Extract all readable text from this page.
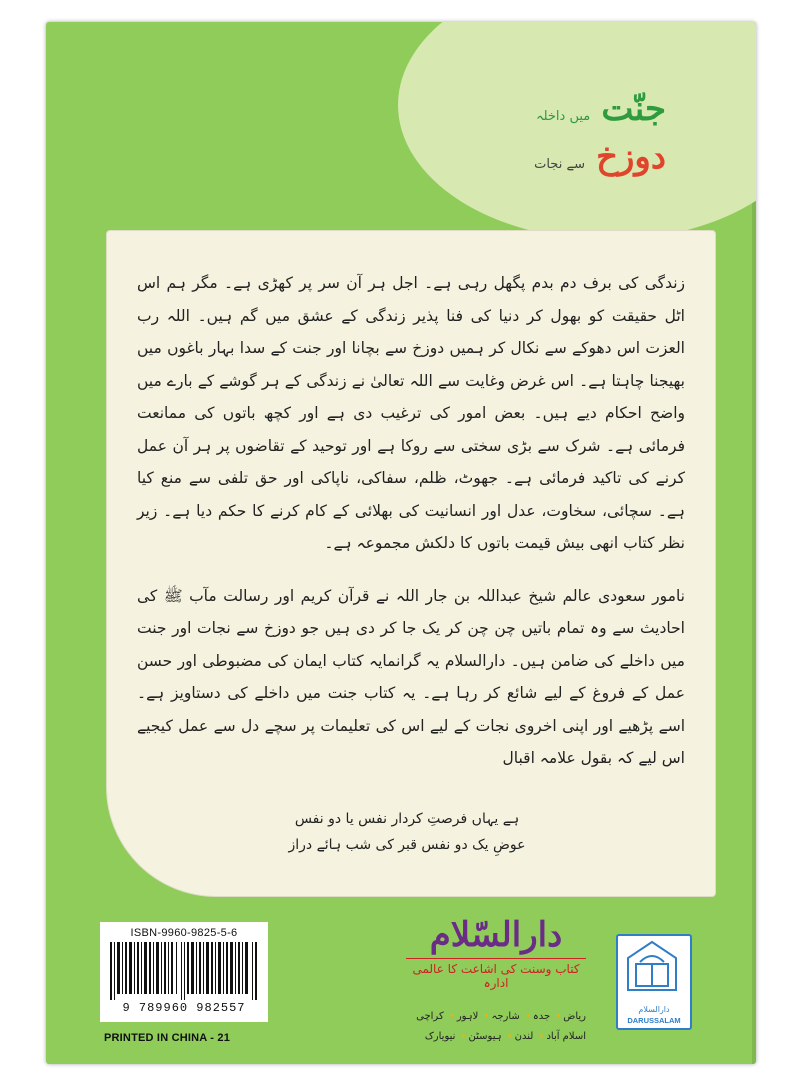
جنّت میں داخلہ

دوزخ سے نجات

زندگی کی برف دم بدم پگھل رہی ہے۔ اجل ہر آن سر پر کھڑی ہے۔ مگر ہم اس اٹل حقیقت کو بھول کر دنیا کی فنا پذیر زندگی کے عشق میں گم ہیں۔ اللہ رب العزت اس دھوکے سے نکال کر ہمیں دوزخ سے بچانا اور جنت کے سدا بہار باغوں میں بھیجنا چاہتا ہے۔ اس غرض وغایت سے اللہ تعالیٰ نے زندگی کے ہر گوشے کے بارے میں واضح احکام دیے ہیں۔ بعض امور کی ترغیب دی ہے اور کچھ باتوں کی ممانعت فرمائی ہے۔ شرک سے بڑی سختی سے روکا ہے اور توحید کے تقاضوں پر ہر آن عمل کرنے کی تاکید فرمائی ہے۔ جھوٹ، ظلم، سفاکی، ناپاکی اور حق تلفی سے منع کیا ہے۔ سچائی، سخاوت، عدل اور انسانیت کی بھلائی کے کام کرنے کا حکم دیا ہے۔ زیر نظر کتاب انھی بیش قیمت باتوں کا دلکش مجموعہ ہے۔

نامور سعودی عالم شیخ عبداللہ بن جار اللہ نے قرآن کریم اور رسالت مآب ﷺ کی احادیث سے وہ تمام باتیں چن چن کر یک جا کر دی ہیں جو دوزخ سے نجات اور جنت میں داخلے کی ضامن ہیں۔ دارالسلام یہ گرانمایہ کتاب ایمان کی مضبوطی اور حسن عمل کے فروغ کے لیے شائع کر رہا ہے۔ یہ کتاب جنت میں داخلے کی دستاویز ہے۔ اسے پڑھیے اور اپنی اخروی نجات کے لیے اس کی تعلیمات پر سچے دل سے عمل کیجیے اس لیے کہ بقول علامہ اقبال

ہے یہاں فرصتِ کردار نفس یا دو نفس
عوضِ یک دو نفس قبر کی شب ہائے دراز
ISBN-9960-9825-5-6
9 789960 982557
PRINTED IN CHINA - 21
دارالسّلام
کتاب وسنت کی اشاعت کا عالمی ادارہ
ریاض• جدہ• شارجہ• لاہور• کراچی
اسلام آباد• لندن• ہیوسٹن• نیویارک
دارالسلام
DARUSSALAM
